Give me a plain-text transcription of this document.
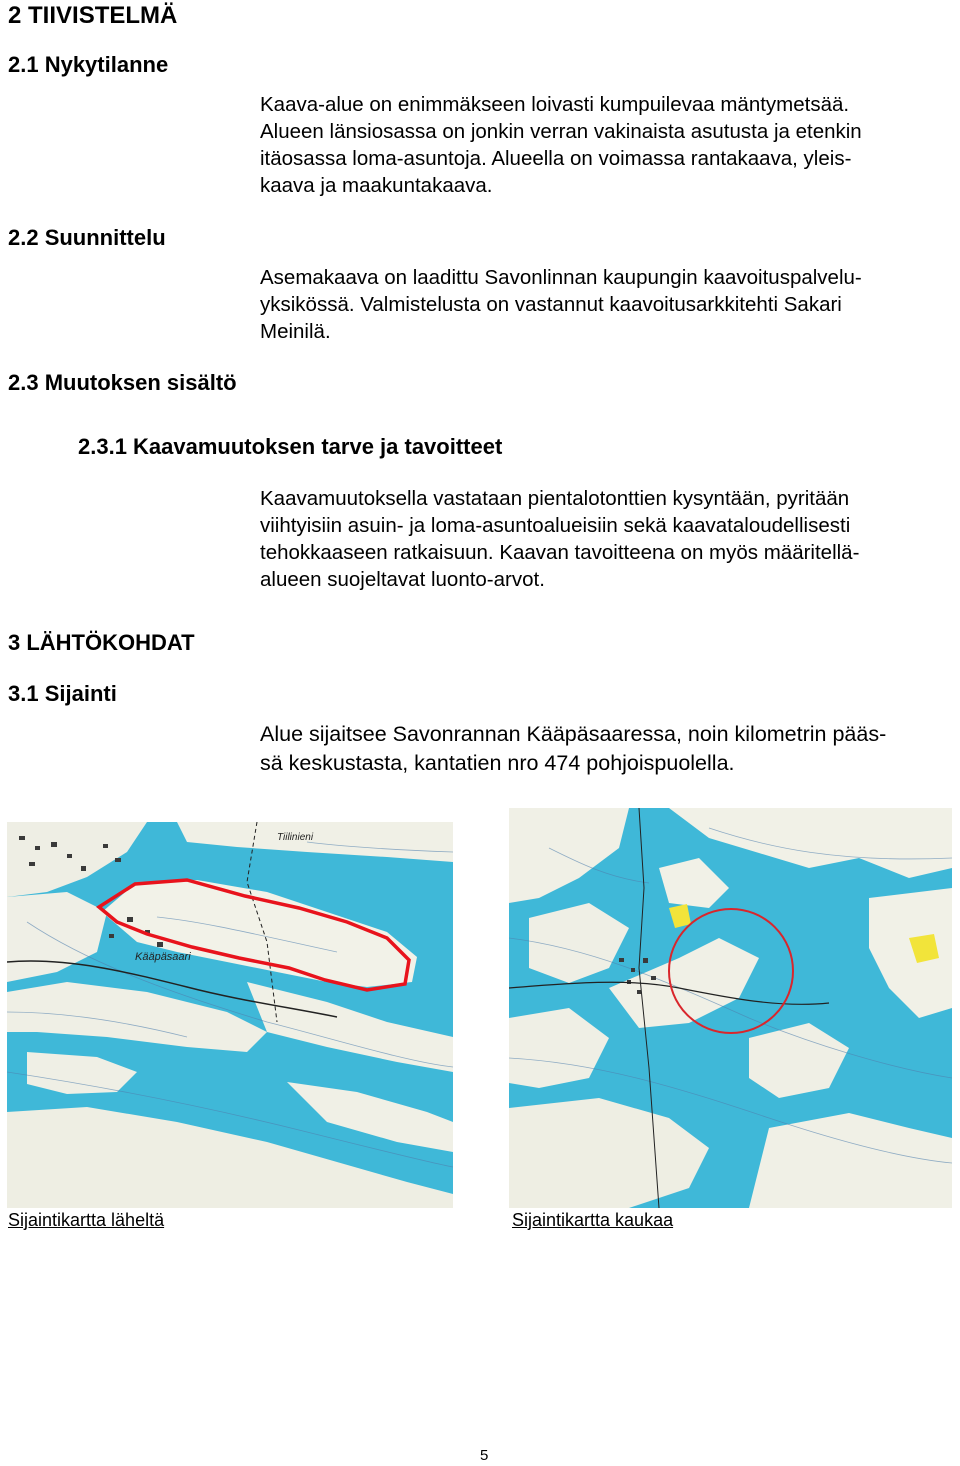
2 TIIVISTELMÄ
2.1 Nykytilanne
2.2 Suunnittelu
2.3 Muutoksen sisältö
2.3.1 Kaavamuutoksen tarve ja tavoitteet
3 LÄHTÖKOHDAT
3.1 Sijainti
Kaava-alue on enimmäkseen loivasti kumpuilevaa mäntymetsää.
Alueen länsiosassa on jonkin verran vakinaista asutusta ja etenkin
itäosassa loma-asuntoja. Alueella on voimassa rantakaava, yleis-
kaava ja maakuntakaava.
Asemakaava on laadittu Savonlinnan kaupungin kaavoituspalvelu-
yksikössä. Valmistelusta on vastannut kaavoitusarkkitehti Sakari
Meinilä.
Kaavamuutoksella vastataan pientalotonttien kysyntään, pyritään
viihtyisiin asuin- ja loma-asuntoalueisiin sekä kaavataloudellisesti
tehokkaaseen ratkaisuun. Kaavan tavoitteena on myös määritellä-
alueen suojeltavat luonto-arvot.
Alue sijaitsee Savonrannan Kääpäsaaressa, noin kilometrin pääs-
sä keskustasta, kantatien nro 474 pohjoispuolella.
Kääpäsaari
Tiilinieni
Sijaintikartta läheltä	Sijaintikartta kaukaa
5
